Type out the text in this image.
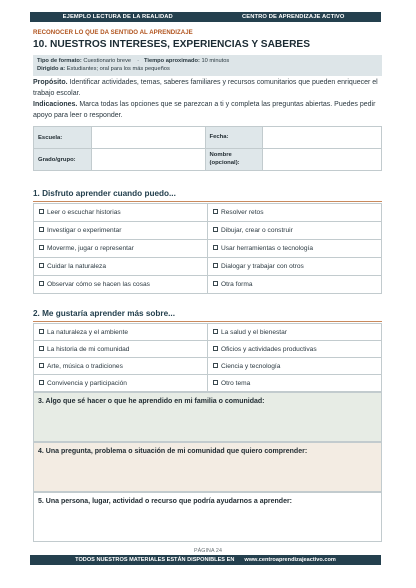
EJEMPLO LECTURA DE LA REALIDAD	CENTRO DE APRENDIZAJE ACTIVO
RECONOCER LO QUE DA SENTIDO AL APRENDIZAJE
10. NUESTROS INTERESES, EXPERIENCIAS Y SABERES
Tipo de formato: Cuestionario breve · Tiempo aproximado: 10 minutos
Dirigido a: Estudiantes; oral para los más pequeños
Propósito. Identificar actividades, temas, saberes familiares y recursos comunitarios que pueden enriquecer el trabajo escolar.
Indicaciones. Marca todas las opciones que se parezcan a ti y completa las preguntas abiertas. Puedes pedir apoyo para leer o responder.
Escuela:		Fecha:	
Grado/grupo:		Nombre (opcional):	
1. Disfruto aprender cuando puedo...
Leer o escuchar historias	Resolver retos
Investigar o experimentar	Dibujar, crear o construir
Moverme, jugar o representar	Usar herramientas o tecnología
Cuidar la naturaleza	Dialogar y trabajar con otros
Observar cómo se hacen las cosas	Otra forma
2. Me gustaría aprender más sobre...
La naturaleza y el ambiente	La salud y el bienestar
La historia de mi comunidad	Oficios y actividades productivas
Arte, música o tradiciones	Ciencia y tecnología
Convivencia y participación	Otro tema
3. Algo que sé hacer o que he aprendido en mi familia o comunidad:
4. Una pregunta, problema o situación de mi comunidad que quiero comprender:
5. Una persona, lugar, actividad o recurso que podría ayudarnos a aprender:
PÁGINA 24
TODOS NUESTROS MATERIALES ESTÁN DISPONIBLES EN www.centroaprendizajeactivo.com
